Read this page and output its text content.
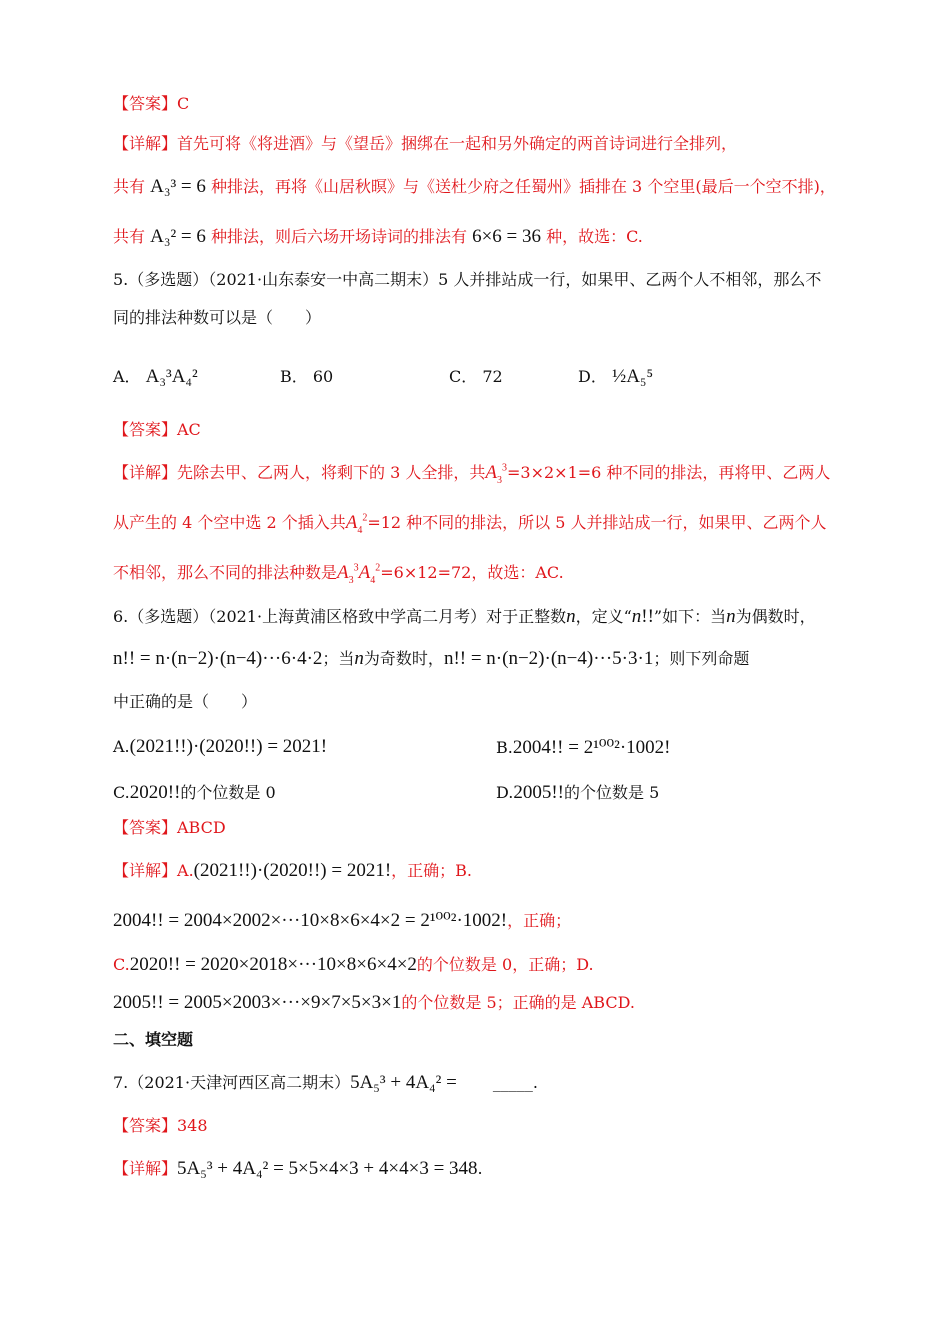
【答案】C
【详解】首先可将《将进酒》与《望岳》捆绑在一起和另外确定的两首诗词进行全排列，
共有 A₃³ = 6 种排法，再将《山居秋暝》与《送杜少府之任蜀州》插排在 3 个空里(最后一个空不排)，
共有 A₃² = 6 种排法，则后六场开场诗词的排法有 6×6 = 36 种，故选：C.
5.（多选题）（2021·山东泰安一中高二期末）5 人并排站成一行，如果甲、乙两个人不相邻，那么不
同的排法种数可以是（　　）
A． A₃³A₄²	B． 60	C． 72	D． ½A₅⁵
【答案】AC
【详解】先除去甲、乙两人，将剩下的 3 人全排，共$A_3^3=3\times 2\times 1=6$ 种不同的排法，再将甲、乙两人
从产生的 4 个空中选 2 个插入共$A_4^2=12$ 种不同的排法，所以 5 人并排站成一行，如果甲、乙两个人
不相邻，那么不同的排法种数是$A_3^3A_4^2=6\times 12=72$，故选：AC.
6.（多选题）（2021·上海黄浦区格致中学高二月考）对于正整数n，定义“n!!”如下：当n为偶数时，
n!! = n·(n−2)·(n−4)···6·4·2；当n为奇数时，n!! = n·(n−2)·(n−4)···5·3·1；则下列命题
中正确的是（　　）
A.(2021!!)·(2020!!) = 2021!	B.2004!! = 2¹⁰⁰²·1002!
C.2020!!的个位数是 0	D.2005!!的个位数是 5
【答案】ABCD
【详解】A.(2021!!)·(2020!!) = 2021!，正确；B.
2004!! = 2004×2002×···10×8×6×4×2 = 2¹⁰⁰²·1002!，正确；
C.2020!! = 2020×2018×···10×8×6×4×2的个位数是 0，正确；D.
2005!! = 2005×2003×···×9×7×5×3×1的个位数是 5；正确的是 ABCD.
二、填空题
7.（2021·天津河西区高二期末）5A₅³ + 4A₄² = _____.
【答案】348
【详解】5A₅³ + 4A₄² = 5×5×4×3 + 4×4×3 = 348.
